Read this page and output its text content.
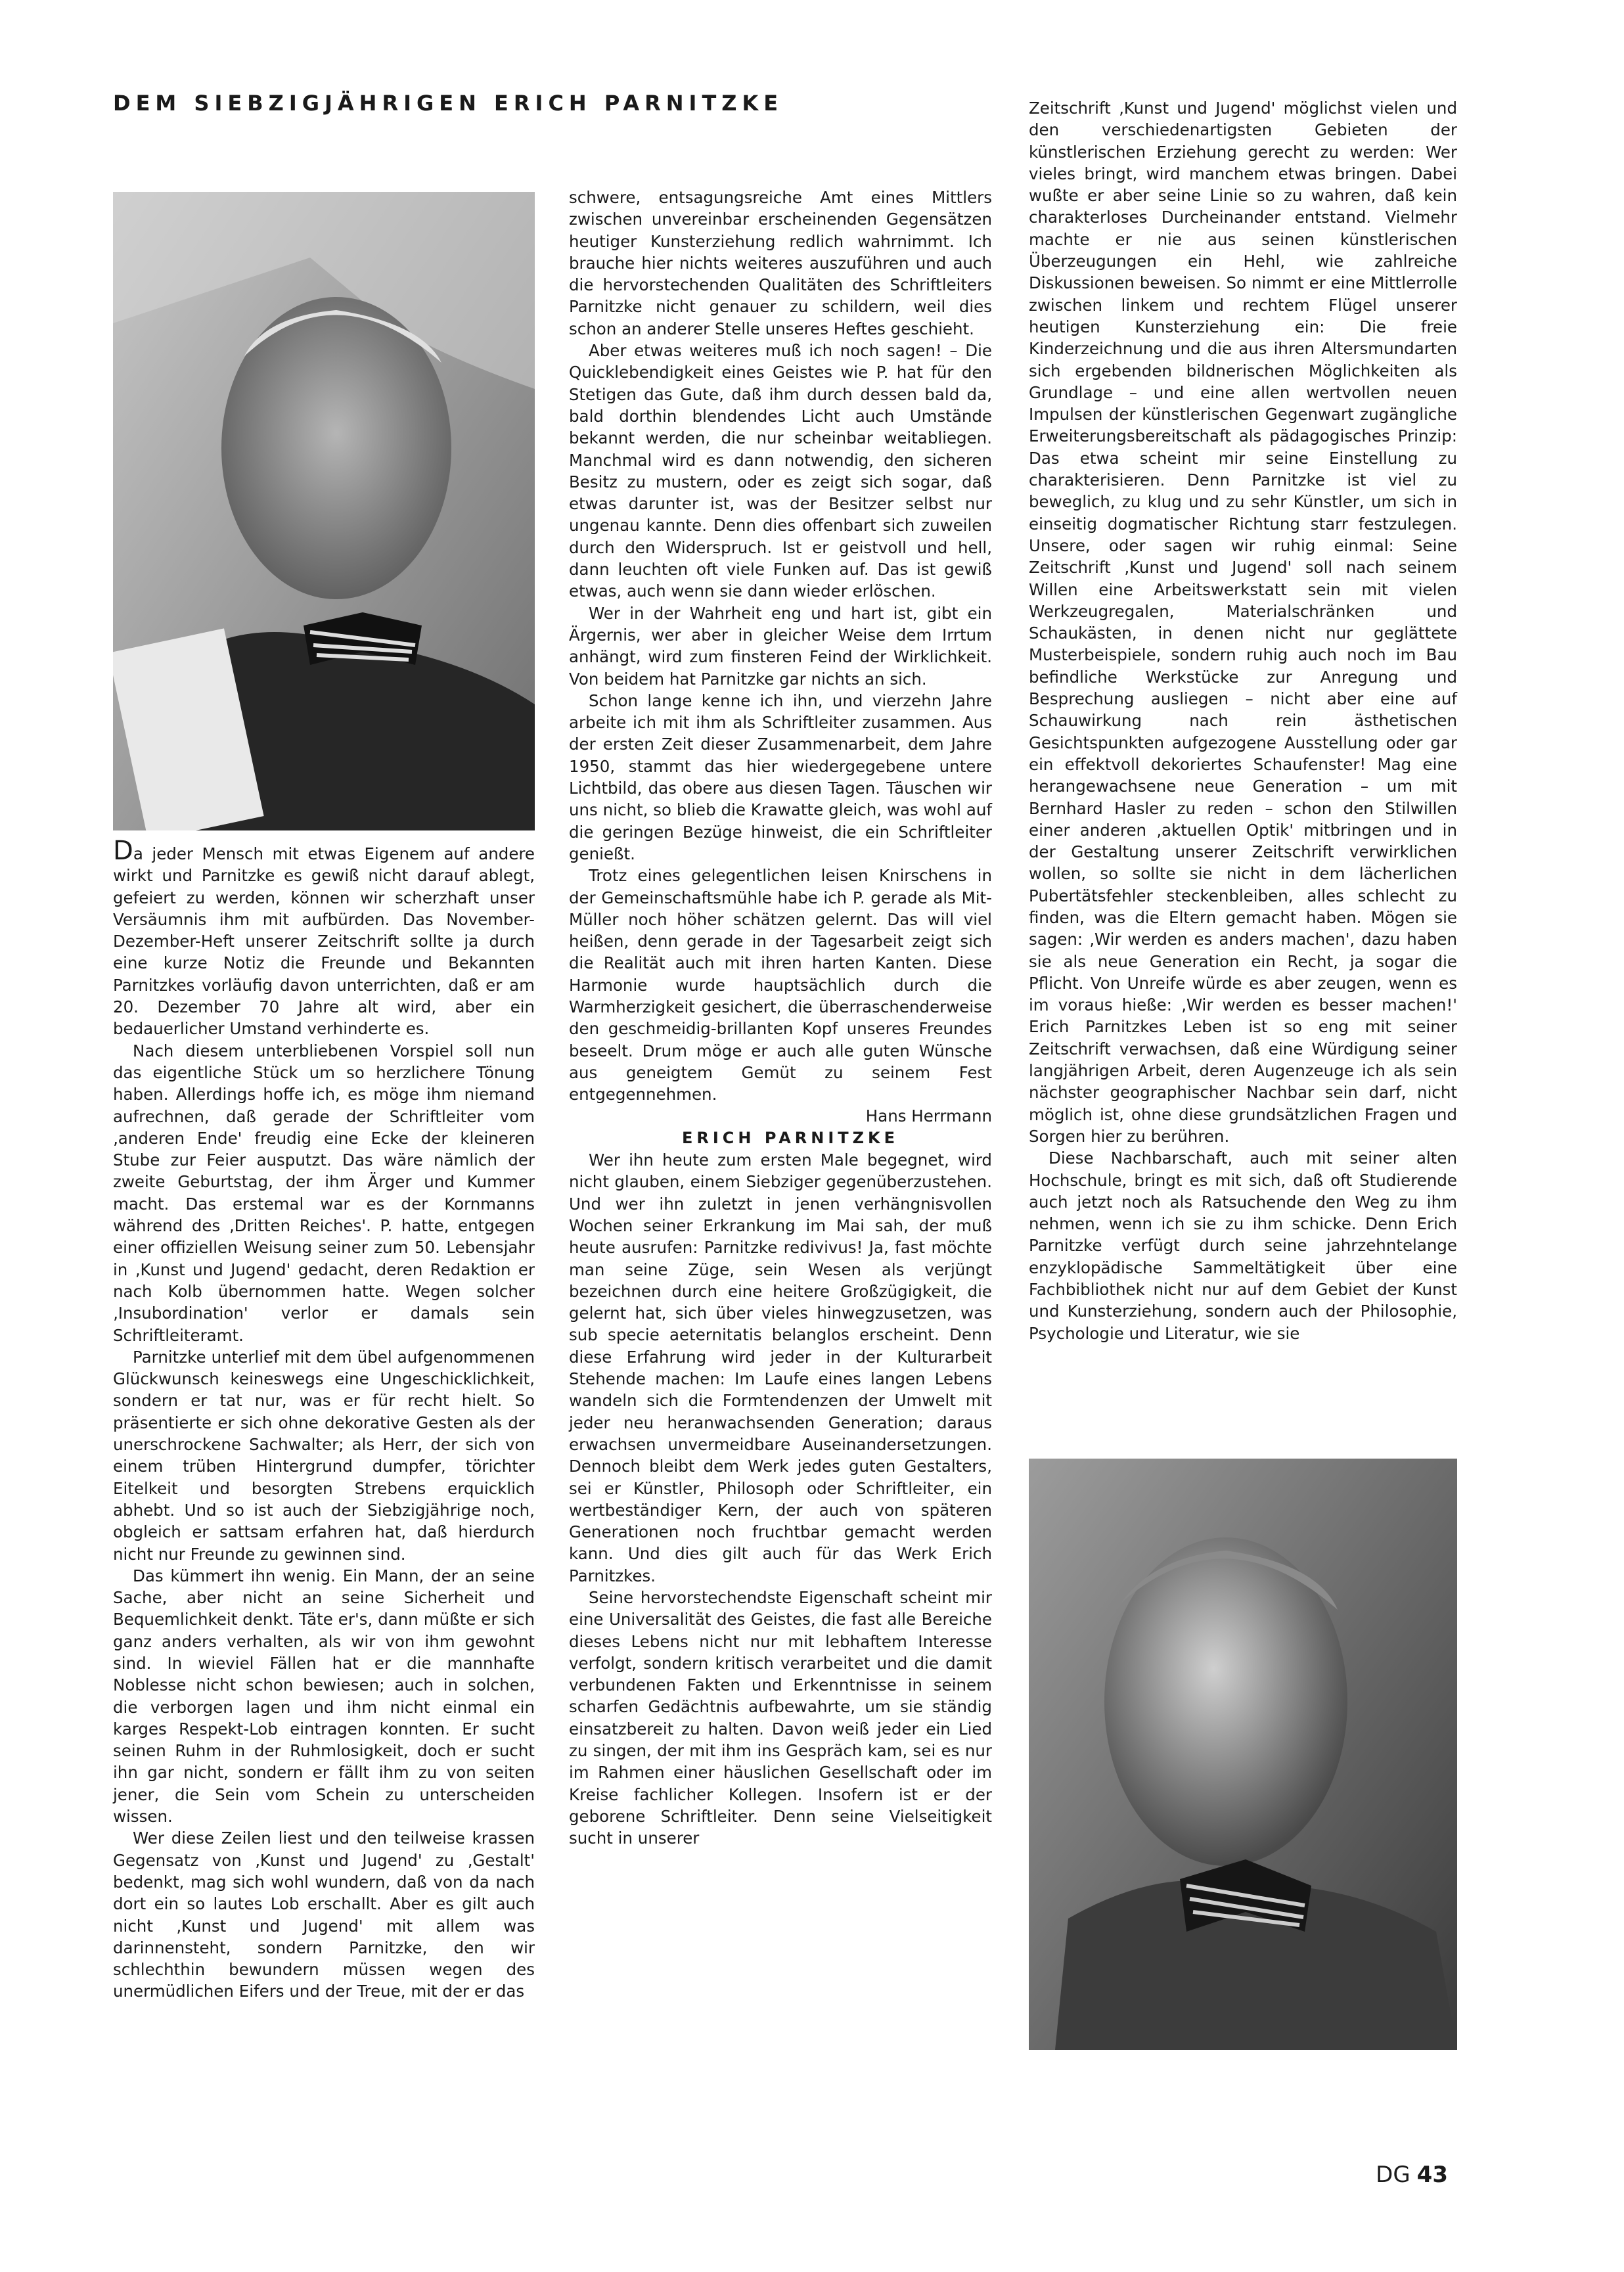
DEM SIEBZIGJÄHRIGEN ERICH PARNITZKE

Da jeder Mensch mit etwas Eigenem auf andere wirkt und Parnitzke es gewiß nicht darauf ablegt, gefeiert zu werden, können wir scherzhaft unser Versäumnis ihm mit aufbürden. Das November-Dezember-Heft unserer Zeitschrift sollte ja durch eine kurze Notiz die Freunde und Bekannten Parnitzkes vorläufig davon unterrichten, daß er am 20. Dezember 70 Jahre alt wird, aber ein bedauerlicher Umstand verhinderte es.

Nach diesem unterbliebenen Vorspiel soll nun das eigentliche Stück um so herzlichere Tönung haben. Allerdings hoffe ich, es möge ihm niemand aufrechnen, daß gerade der Schriftleiter vom ‚anderen Ende' freudig eine Ecke der kleineren Stube zur Feier ausputzt. Das wäre nämlich der zweite Geburtstag, der ihm Ärger und Kummer macht. Das erstemal war es der Kornmanns während des ‚Dritten Reiches'. P. hatte, entgegen einer offiziellen Weisung seiner zum 50. Lebensjahr in ‚Kunst und Jugend' gedacht, deren Redaktion er nach Kolb übernommen hatte. Wegen solcher ‚Insubordination' verlor er damals sein Schriftleiteramt.

Parnitzke unterlief mit dem übel aufgenommenen Glückwunsch keineswegs eine Ungeschicklichkeit, sondern er tat nur, was er für recht hielt. So präsentierte er sich ohne dekorative Gesten als der unerschrockene Sachwalter; als Herr, der sich von einem trüben Hintergrund dumpfer, törichter Eitelkeit und besorgten Strebens erquicklich abhebt. Und so ist auch der Siebzigjährige noch, obgleich er sattsam erfahren hat, daß hierdurch nicht nur Freunde zu gewinnen sind.

Das kümmert ihn wenig. Ein Mann, der an seine Sache, aber nicht an seine Sicherheit und Bequemlichkeit denkt. Täte er's, dann müßte er sich ganz anders verhalten, als wir von ihm gewohnt sind. In wieviel Fällen hat er die mannhafte Noblesse nicht schon bewiesen; auch in solchen, die verborgen lagen und ihm nicht einmal ein karges Respekt-Lob eintragen konnten. Er sucht seinen Ruhm in der Ruhmlosigkeit, doch er sucht ihn gar nicht, sondern er fällt ihm zu von seiten jener, die Sein vom Schein zu unterscheiden wissen.

Wer diese Zeilen liest und den teilweise krassen Gegensatz von ‚Kunst und Jugend' zu ‚Gestalt' bedenkt, mag sich wohl wundern, daß von da nach dort ein so lautes Lob erschallt. Aber es gilt auch nicht ‚Kunst und Jugend' mit allem was darinnensteht, sondern Parnitzke, den wir schlechthin bewundern müssen wegen des unermüdlichen Eifers und der Treue, mit der er das

schwere, entsagungsreiche Amt eines Mittlers zwischen unvereinbar erscheinenden Gegensätzen heutiger Kunsterziehung redlich wahrnimmt. Ich brauche hier nichts weiteres auszuführen und auch die hervorstechenden Qualitäten des Schriftleiters Parnitzke nicht genauer zu schildern, weil dies schon an anderer Stelle unseres Heftes geschieht.

Aber etwas weiteres muß ich noch sagen! – Die Quicklebendigkeit eines Geistes wie P. hat für den Stetigen das Gute, daß ihm durch dessen bald da, bald dorthin blendendes Licht auch Umstände bekannt werden, die nur scheinbar weitabliegen. Manchmal wird es dann notwendig, den sicheren Besitz zu mustern, oder es zeigt sich sogar, daß etwas darunter ist, was der Besitzer selbst nur ungenau kannte. Denn dies offenbart sich zuweilen durch den Widerspruch. Ist er geistvoll und hell, dann leuchten oft viele Funken auf. Das ist gewiß etwas, auch wenn sie dann wieder erlöschen.

Wer in der Wahrheit eng und hart ist, gibt ein Ärgernis, wer aber in gleicher Weise dem Irrtum anhängt, wird zum finsteren Feind der Wirklichkeit. Von beidem hat Parnitzke gar nichts an sich.

Schon lange kenne ich ihn, und vierzehn Jahre arbeite ich mit ihm als Schriftleiter zusammen. Aus der ersten Zeit dieser Zusammenarbeit, dem Jahre 1950, stammt das hier wiedergegebene untere Lichtbild, das obere aus diesen Tagen. Täuschen wir uns nicht, so blieb die Krawatte gleich, was wohl auf die geringen Bezüge hinweist, die ein Schriftleiter genießt.

Trotz eines gelegentlichen leisen Knirschens in der Gemeinschaftsmühle habe ich P. gerade als Mit-Müller noch höher schätzen gelernt. Das will viel heißen, denn gerade in der Tagesarbeit zeigt sich die Realität auch mit ihren harten Kanten. Diese Harmonie wurde hauptsächlich durch die Warmherzigkeit gesichert, die überraschenderweise den geschmeidig-brillanten Kopf unseres Freundes beseelt. Drum möge er auch alle guten Wünsche aus geneigtem Gemüt zu seinem Fest entgegennehmen.

Hans Herrmann

ERICH PARNITZKE

Wer ihn heute zum ersten Male begegnet, wird nicht glauben, einem Siebziger gegenüberzustehen. Und wer ihn zuletzt in jenen verhängnisvollen Wochen seiner Erkrankung im Mai sah, der muß heute ausrufen: Parnitzke redivivus! Ja, fast möchte man seine Züge, sein Wesen als verjüngt bezeichnen durch eine heitere Großzügigkeit, die gelernt hat, sich über vieles hinwegzusetzen, was sub specie aeternitatis belanglos erscheint. Denn diese Erfahrung wird jeder in der Kulturarbeit Stehende machen: Im Laufe eines langen Lebens wandeln sich die Formtendenzen der Umwelt mit jeder neu heranwachsenden Generation; daraus erwachsen unvermeidbare Auseinandersetzungen. Dennoch bleibt dem Werk jedes guten Gestalters, sei er Künstler, Philosoph oder Schriftleiter, ein wertbeständiger Kern, der auch von späteren Generationen noch fruchtbar gemacht werden kann. Und dies gilt auch für das Werk Erich Parnitzkes.

Seine hervorstechendste Eigenschaft scheint mir eine Universalität des Geistes, die fast alle Bereiche dieses Lebens nicht nur mit lebhaftem Interesse verfolgt, sondern kritisch verarbeitet und die damit verbundenen Fakten und Erkenntnisse in seinem scharfen Gedächtnis aufbewahrte, um sie ständig einsatzbereit zu halten. Davon weiß jeder ein Lied zu singen, der mit ihm ins Gespräch kam, sei es nur im Rahmen einer häuslichen Gesellschaft oder im Kreise fachlicher Kollegen. Insofern ist er der geborene Schriftleiter. Denn seine Vielseitigkeit sucht in unserer

Zeitschrift ‚Kunst und Jugend' möglichst vielen und den verschiedenartigsten Gebieten der künstlerischen Erziehung gerecht zu werden: Wer vieles bringt, wird manchem etwas bringen. Dabei wußte er aber seine Linie so zu wahren, daß kein charakterloses Durcheinander entstand. Vielmehr machte er nie aus seinen künstlerischen Überzeugungen ein Hehl, wie zahlreiche Diskussionen beweisen. So nimmt er eine Mittlerrolle zwischen linkem und rechtem Flügel unserer heutigen Kunsterziehung ein: Die freie Kinderzeichnung und die aus ihren Altersmundarten sich ergebenden bildnerischen Möglichkeiten als Grundlage – und eine allen wertvollen neuen Impulsen der künstlerischen Gegenwart zugängliche Erweiterungsbereitschaft als pädagogisches Prinzip: Das etwa scheint mir seine Einstellung zu charakterisieren. Denn Parnitzke ist viel zu beweglich, zu klug und zu sehr Künstler, um sich in einseitig dogmatischer Richtung starr festzulegen. Unsere, oder sagen wir ruhig einmal: Seine Zeitschrift ‚Kunst und Jugend' soll nach seinem Willen eine Arbeitswerkstatt sein mit vielen Werkzeugregalen, Materialschränken und Schaukästen, in denen nicht nur geglättete Musterbeispiele, sondern ruhig auch noch im Bau befindliche Werkstücke zur Anregung und Besprechung ausliegen – nicht aber eine auf Schauwirkung nach rein ästhetischen Gesichtspunkten aufgezogene Ausstellung oder gar ein effektvoll dekoriertes Schaufenster! Mag eine herangewachsene neue Generation – um mit Bernhard Hasler zu reden – schon den Stilwillen einer anderen ‚aktuellen Optik' mitbringen und in der Gestaltung unserer Zeitschrift verwirklichen wollen, so sollte sie nicht in dem lächerlichen Pubertätsfehler steckenbleiben, alles schlecht zu finden, was die Eltern gemacht haben. Mögen sie sagen: ‚Wir werden es anders machen', dazu haben sie als neue Generation ein Recht, ja sogar die Pflicht. Von Unreife würde es aber zeugen, wenn es im voraus hieße: ‚Wir werden es besser machen!' Erich Parnitzkes Leben ist so eng mit seiner Zeitschrift verwachsen, daß eine Würdigung seiner langjährigen Arbeit, deren Augenzeuge ich als sein nächster geographischer Nachbar sein darf, nicht möglich ist, ohne diese grundsätzlichen Fragen und Sorgen hier zu berühren.

Diese Nachbarschaft, auch mit seiner alten Hochschule, bringt es mit sich, daß oft Studierende auch jetzt noch als Ratsuchende den Weg zu ihm nehmen, wenn ich sie zu ihm schicke. Denn Erich Parnitzke verfügt durch seine jahrzehntelange enzyklopädische Sammeltätigkeit über eine Fachbibliothek nicht nur auf dem Gebiet der Kunst und Kunsterziehung, sondern auch der Philosophie, Psychologie und Literatur, wie sie

DG 43
